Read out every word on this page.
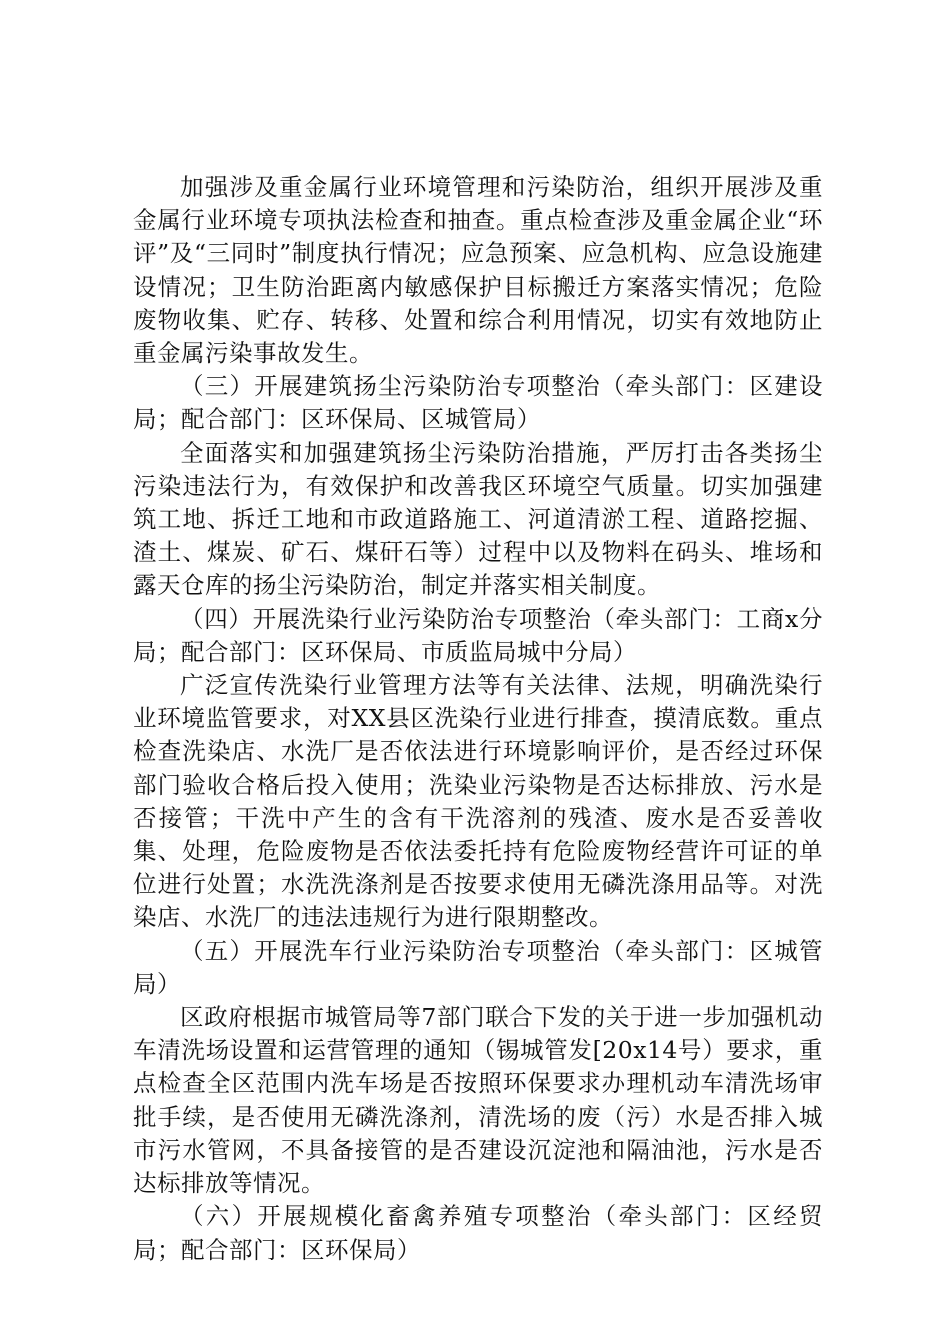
加强涉及重金属行业环境管理和污染防治，组织开展涉及重金属行业环境专项执法检查和抽查。重点检查涉及重金属企业“环评”及“三同时”制度执行情况；应急预案、应急机构、应急设施建设情况；卫生防治距离内敏感保护目标搬迁方案落实情况；危险废物收集、贮存、转移、处置和综合利用情况，切实有效地防止重金属污染事故发生。

（三）开展建筑扬尘污染防治专项整治（牵头部门：区建设局；配合部门：区环保局、区城管局）

全面落实和加强建筑扬尘污染防治措施，严厉打击各类扬尘污染违法行为，有效保护和改善我区环境空气质量。切实加强建筑工地、拆迁工地和市政道路施工、河道清淤工程、道路挖掘、渣土、煤炭、矿石、煤矸石等）过程中以及物料在码头、堆场和露天仓库的扬尘污染防治，制定并落实相关制度。

（四）开展洗染行业污染防治专项整治（牵头部门：工商x分局；配合部门：区环保局、市质监局城中分局）

广泛宣传洗染行业管理方法等有关法律、法规，明确洗染行业环境监管要求，对XX县区洗染行业进行排查，摸清底数。重点检查洗染店、水洗厂是否依法进行环境影响评价，是否经过环保部门验收合格后投入使用；洗染业污染物是否达标排放、污水是否接管；干洗中产生的含有干洗溶剂的残渣、废水是否妥善收集、处理，危险废物是否依法委托持有危险废物经营许可证的单位进行处置；水洗洗涤剂是否按要求使用无磷洗涤用品等。对洗染店、水洗厂的违法违规行为进行限期整改。

（五）开展洗车行业污染防治专项整治（牵头部门：区城管局）

区政府根据市城管局等7部门联合下发的关于进一步加强机动车清洗场设置和运营管理的通知（锡城管发[20x14号）要求，重点检查全区范围内洗车场是否按照环保要求办理机动车清洗场审批手续，是否使用无磷洗涤剂，清洗场的废（污）水是否排入城市污水管网，不具备接管的是否建设沉淀池和隔油池，污水是否达标排放等情况。

（六）开展规模化畜禽养殖专项整治（牵头部门：区经贸局；配合部门：区环保局）
